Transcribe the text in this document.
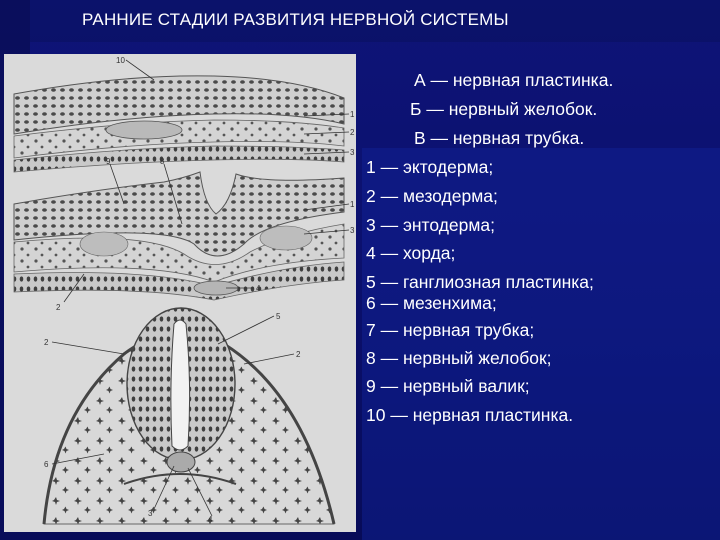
РАННИЕ СТАДИИ РАЗВИТИЯ НЕРВНОЙ СИСТЕМЫ
10
1
2
3
9	8
1
3
4
2
5
2
2
6
3
4
А — нервная пластинка.
Б — нервный желобок.
В — нервная трубка.
1 — эктодерма;
2 — мезодерма;
3 — энтодерма;
4 — хорда;
5 — ганглиозная пластинка;
6 — мезенхима;
7 — нервная трубка;
8 — нервный желобок;
9 — нервный валик;
10 — нервная пластинка.
